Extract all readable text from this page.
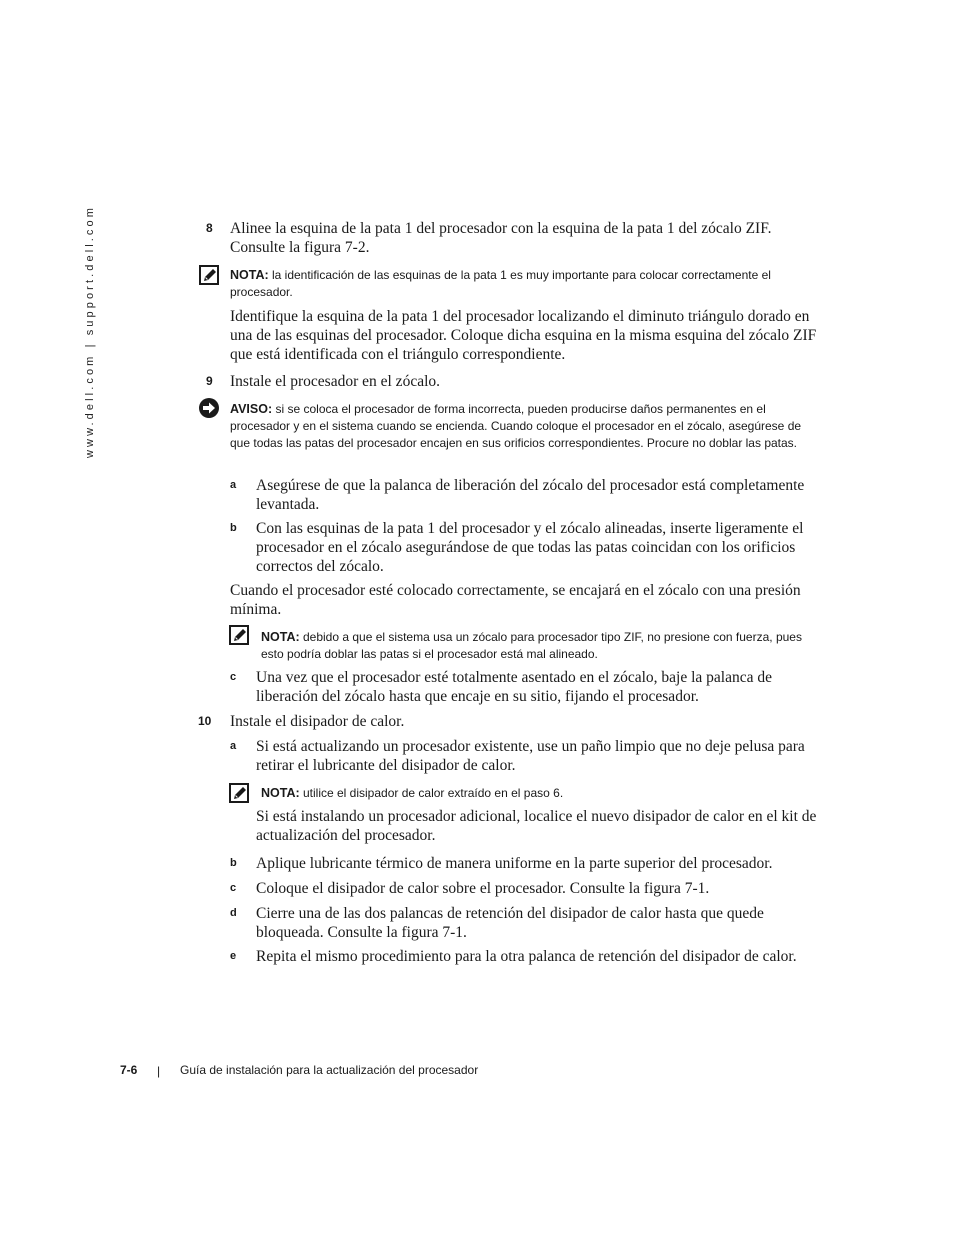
www.dell.com | support.dell.com	8 Alinee la esquina de la pata 1 del procesador con la esquina de la pata 1 del zócalo ZIF. Consulte la figura 7-2.
NOTA: la identificación de las esquinas de la pata 1 es muy importante para colocar correctamente el procesador.
Identifique la esquina de la pata 1 del procesador localizando el diminuto triángulo dorado en una de las esquinas del procesador. Coloque dicha esquina en la misma esquina del zócalo ZIF que está identificada con el triángulo correspondiente.
9 Instale el procesador en el zócalo.
AVISO: si se coloca el procesador de forma incorrecta, pueden producirse daños permanentes en el procesador y en el sistema cuando se encienda. Cuando coloque el procesador en el zócalo, asegúrese de que todas las patas del procesador encajen en sus orificios correspondientes. Procure no doblar las patas.
a Asegúrese de que la palanca de liberación del zócalo del procesador está completamente levantada.
b Con las esquinas de la pata 1 del procesador y el zócalo alineadas, inserte ligeramente el procesador en el zócalo asegurándose de que todas las patas coincidan con los orificios correctos del zócalo.
Cuando el procesador esté colocado correctamente, se encajará en el zócalo con una presión mínima.
NOTA: debido a que el sistema usa un zócalo para procesador tipo ZIF, no presione con fuerza, pues esto podría doblar las patas si el procesador está mal alineado.
c Una vez que el procesador esté totalmente asentado en el zócalo, baje la palanca de liberación del zócalo hasta que encaje en su sitio, fijando el procesador.
10 Instale el disipador de calor.
a Si está actualizando un procesador existente, use un paño limpio que no deje pelusa para retirar el lubricante del disipador de calor.
NOTA: utilice el disipador de calor extraído en el paso 6.
Si está instalando un procesador adicional, localice el nuevo disipador de calor en el kit de actualización del procesador.
b Aplique lubricante térmico de manera uniforme en la parte superior del procesador.
c Coloque el disipador de calor sobre el procesador. Consulte la figura 7-1.
d Cierre una de las dos palancas de retención del disipador de calor hasta que quede bloqueada. Consulte la figura 7-1.
e Repita el mismo procedimiento para la otra palanca de retención del disipador de calor.
7-6 | Guía de instalación para la actualización del procesador
